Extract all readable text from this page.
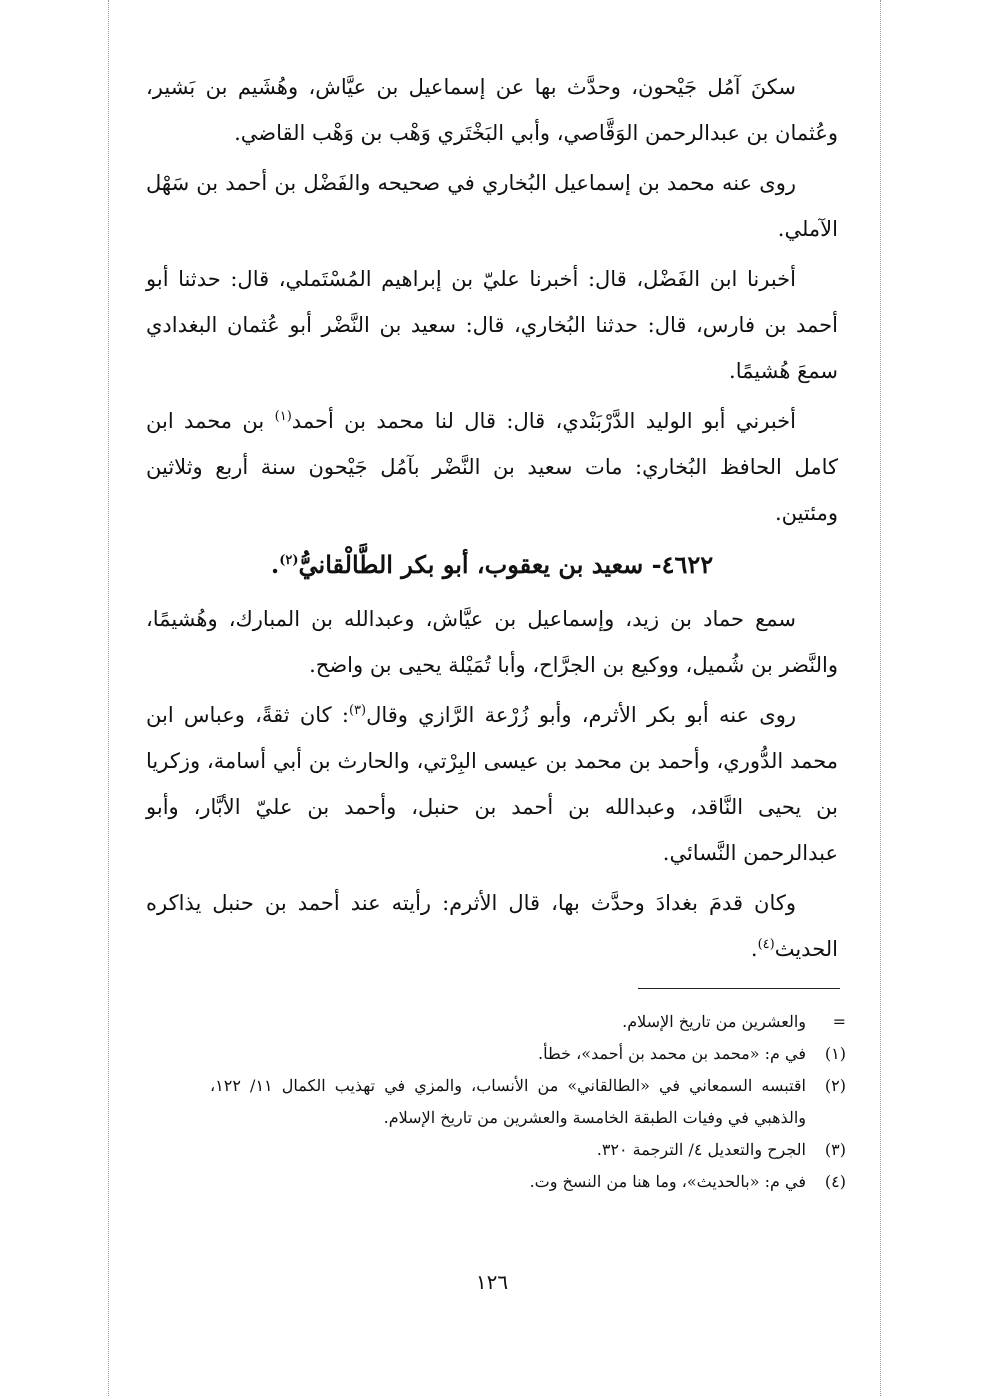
سكنَ آمُل جَيْحون، وحدَّث بها عن إسماعيل بن عيَّاش، وهُشَيم بن بَشير، وعُثمان بن عبدالرحمن الوَقَّاصي، وأبي البَخْتَري وَهْب بن وَهْب القاضي.

روى عنه محمد بن إسماعيل البُخاري في صحيحه والفَضْل بن أحمد بن سَهْل الآملي.

أخبرنا ابن الفَضْل، قال: أخبرنا عليّ بن إبراهيم المُسْتَملي، قال: حدثنا أبو أحمد بن فارس، قال: حدثنا البُخاري، قال: سعيد بن النَّضْر أبو عُثمان البغدادي سمعَ هُشيمًا.

أخبرني أبو الوليد الدَّرْبَنْدي، قال: قال لنا محمد بن أحمد$^{(١)}$ بن محمد ابن كامل الحافظ البُخاري: مات سعيد بن النَّضْر بآمُل جَيْحون سنة أربع وثلاثين ومئتين.

٤٦٢٢- سعيد بن يعقوب، أبو بكر الطَّالْقانيُّ$^{(٢)}$.

سمع حماد بن زيد، وإسماعيل بن عيَّاش، وعبدالله بن المبارك، وهُشيمًا، والنَّضر بن شُميل، ووكيع بن الجرَّاح، وأبا تُمَيْلة يحيى بن واضح.

روى عنه أبو بكر الأثرم، وأبو زُرْعة الرَّازي وقال$^{(٣)}$: كان ثقةً، وعباس ابن محمد الدُّوري، وأحمد بن محمد بن عيسى البِرْتي، والحارث بن أبي أسامة، وزكريا بن يحيى النَّاقد، وعبدالله بن أحمد بن حنبل، وأحمد بن عليّ الأبَّار، وأبو عبدالرحمن النَّسائي.

وكان قدمَ بغدادَ وحدَّث بها، قال الأثرم: رأيته عند أحمد بن حنبل يذاكره الحديث$^{(٤)}$.

=
والعشرين من تاريخ الإسلام.
(١)
في م: «محمد بن محمد بن أحمد»، خطأ.
(٢)
اقتبسه السمعاني في «الطالقاني» من الأنساب، والمزي في تهذيب الكمال ١١/ ١٢٢، والذهبي في وفيات الطبقة الخامسة والعشرين من تاريخ الإسلام.
(٣)
الجرح والتعديل ٤/ الترجمة ٣٢٠.
(٤)
في م: «بالحديث»، وما هنا من النسخ وت.
١٢٦
